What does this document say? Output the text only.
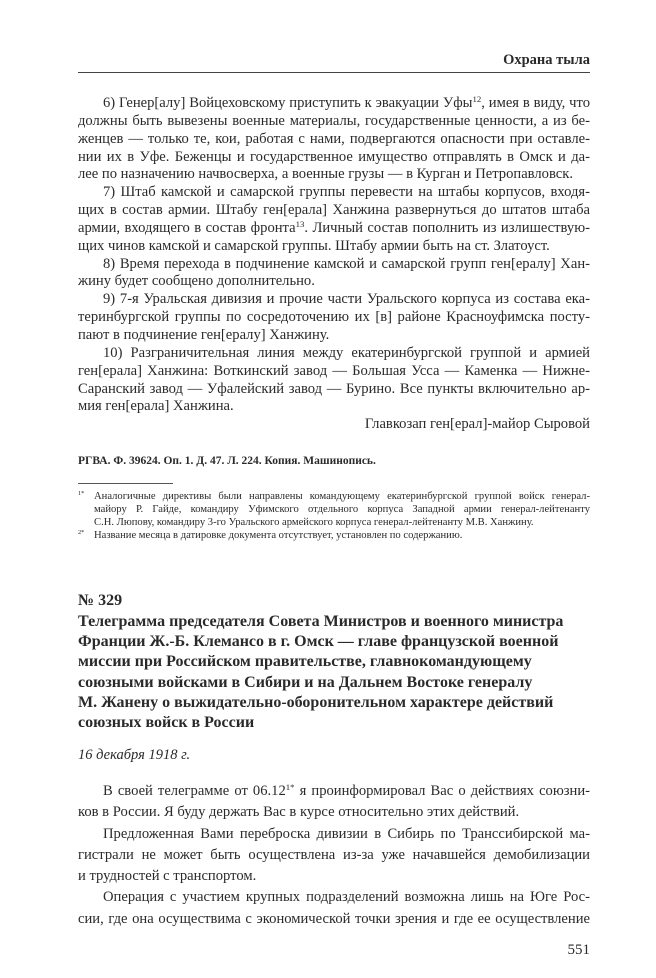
Охрана тыла
6) Генер[алу] Войцеховскому приступить к эвакуации Уфы$^{12}$, имея в виду, что
должны быть вывезены военные материалы, государственные ценности, а из бе-
женцев — только те, кои, работая с нами, подвергаются опасности при оставле-
нии их в Уфе. Беженцы и государственное имущество отправлять в Омск и да-
лее по назначению начвосверха, а военные грузы — в Курган и Петропавловск.
7) Штаб камской и самарской группы перевести на штабы корпусов, входя-
щих в состав армии. Штабу ген[ерала] Ханжина развернуться до штатов штаба
армии, входящего в состав фронта$^{13}$. Личный состав пополнить из излишествую-
щих чинов камской и самарской группы. Штабу армии быть на ст. Златоуст.
8) Время перехода в подчинение камской и самарской групп ген[ералу] Хан-
жину будет сообщено дополнительно.
9) 7-я Уральская дивизия и прочие части Уральского корпуса из состава ека-
теринбургской группы по сосредоточению их [в] районе Красноуфимска посту-
пают в подчинение ген[ералу] Ханжину.
10) Разграничительная линия между екатеринбургской группой и армией
ген[ерала] Ханжина: Воткинский завод — Большая Усса — Каменка — Нижне-
Саранский завод — Уфалейский завод — Бурино. Все пункты включительно ар-
мия ген[ерала] Ханжина.
Главкозап ген[ерал]-майор Сыровой
РГВА. Ф. 39624. Оп. 1. Д. 47. Л. 224. Копия. Машинопись.
1* Аналогичные директивы были направлены командующему екатеринбургской группой войск генерал-
майору Р. Гайде, командиру Уфимского отдельного корпуса Западной армии генерал-лейтенанту
С.Н. Люпову, командиру 3-го Уральского армейского корпуса генерал-лейтенанту М.В. Ханжину.
2* Название месяца в датировке документа отсутствует, установлен по содержанию.
№ 329
Телеграмма председателя Совета Министров и военного министра
Франции Ж.-Б. Клемансо в г. Омск — главе французской военной
миссии при Российском правительстве, главнокомандующему
союзными войсками в Сибири и на Дальнем Востоке генералу
М. Жанену о выжидательно-оборонительном характере действий
союзных войск в России
16 декабря 1918 г.
В своей телеграмме от $06.12^{1*}$ я проинформировал Вас о действиях союзни-
ков в России. Я буду держать Вас в курсе относительно этих действий.
Предложенная Вами переброска дивизии в Сибирь по Транссибирской ма-
гистрали не может быть осуществлена из-за уже начавшейся демобилизации
и трудностей с транспортом.
Операция с участием крупных подразделений возможна лишь на Юге Рос-
сии, где она осуществима с экономической точки зрения и где ее осуществление
551
